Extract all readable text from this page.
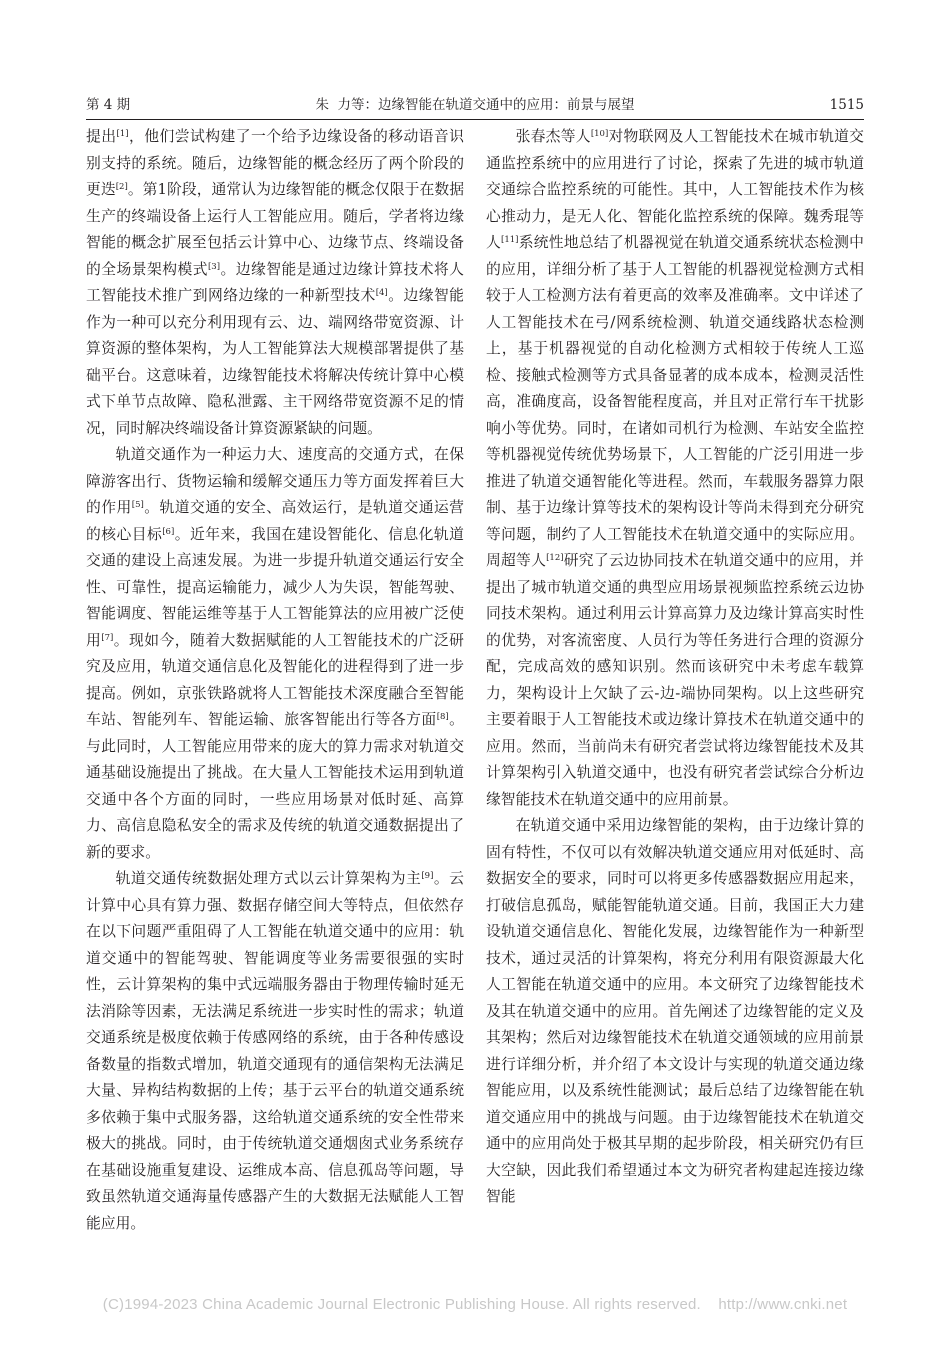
第 4 期	朱  力等：边缘智能在轨道交通中的应用：前景与展望	1515

提出[1]，他们尝试构建了一个给予边缘设备的移动语音识别支持的系统。随后，边缘智能的概念经历了两个阶段的更迭[2]。第1阶段，通常认为边缘智能的概念仅限于在数据生产的终端设备上运行人工智能应用。随后，学者将边缘智能的概念扩展至包括云计算中心、边缘节点、终端设备的全场景架构模式[3]。边缘智能是通过边缘计算技术将人工智能技术推广到网络边缘的一种新型技术[4]。边缘智能作为一种可以充分利用现有云、边、端网络带宽资源、计算资源的整体架构，为人工智能算法大规模部署提供了基础平台。这意味着，边缘智能技术将解决传统计算中心模式下单节点故障、隐私泄露、主干网络带宽资源不足的情况，同时解决终端设备计算资源紧缺的问题。

轨道交通作为一种运力大、速度高的交通方式，在保障游客出行、货物运输和缓解交通压力等方面发挥着巨大的作用[5]。轨道交通的安全、高效运行，是轨道交通运营的核心目标[6]。近年来，我国在建设智能化、信息化轨道交通的建设上高速发展。为进一步提升轨道交通运行安全性、可靠性，提高运输能力，减少人为失误，智能驾驶、智能调度、智能运维等基于人工智能算法的应用被广泛使用[7]。现如今，随着大数据赋能的人工智能技术的广泛研究及应用，轨道交通信息化及智能化的进程得到了进一步提高。例如，京张铁路就将人工智能技术深度融合至智能车站、智能列车、智能运输、旅客智能出行等各方面[8]。与此同时，人工智能应用带来的庞大的算力需求对轨道交通基础设施提出了挑战。在大量人工智能技术运用到轨道交通中各个方面的同时，一些应用场景对低时延、高算力、高信息隐私安全的需求及传统的轨道交通数据提出了新的要求。

轨道交通传统数据处理方式以云计算架构为主[9]。云计算中心具有算力强、数据存储空间大等特点，但依然存在以下问题严重阻碍了人工智能在轨道交通中的应用：轨道交通中的智能驾驶、智能调度等业务需要很强的实时性，云计算架构的集中式远端服务器由于物理传输时延无法消除等因素，无法满足系统进一步实时性的需求；轨道交通系统是极度依赖于传感网络的系统，由于各种传感设备数量的指数式增加，轨道交通现有的通信架构无法满足大量、异构结构数据的上传；基于云平台的轨道交通系统多依赖于集中式服务器，这给轨道交通系统的安全性带来极大的挑战。同时，由于传统轨道交通烟囱式业务系统存在基础设施重复建设、运维成本高、信息孤岛等问题，导致虽然轨道交通海量传感器产生的大数据无法赋能人工智能应用。

张春杰等人[10]对物联网及人工智能技术在城市轨道交通监控系统中的应用进行了讨论，探索了先进的城市轨道交通综合监控系统的可能性。其中，人工智能技术作为核心推动力，是无人化、智能化监控系统的保障。魏秀琨等人[11]系统性地总结了机器视觉在轨道交通系统状态检测中的应用，详细分析了基于人工智能的机器视觉检测方式相较于人工检测方法有着更高的效率及准确率。文中详述了人工智能技术在弓/网系统检测、轨道交通线路状态检测上，基于机器视觉的自动化检测方式相较于传统人工巡检、接触式检测等方式具备显著的成本成本，检测灵活性高，准确度高，设备智能程度高，并且对正常行车干扰影响小等优势。同时，在诸如司机行为检测、车站安全监控等机器视觉传统优势场景下，人工智能的广泛引用进一步推进了轨道交通智能化等进程。然而，车载服务器算力限制、基于边缘计算等技术的架构设计等尚未得到充分研究等问题，制约了人工智能技术在轨道交通中的实际应用。周超等人[12]研究了云边协同技术在轨道交通中的应用，并提出了城市轨道交通的典型应用场景视频监控系统云边协同技术架构。通过利用云计算高算力及边缘计算高实时性的优势，对客流密度、人员行为等任务进行合理的资源分配，完成高效的感知识别。然而该研究中未考虑车载算力，架构设计上欠缺了云-边-端协同架构。以上这些研究主要着眼于人工智能技术或边缘计算技术在轨道交通中的应用。然而，当前尚未有研究者尝试将边缘智能技术及其计算架构引入轨道交通中，也没有研究者尝试综合分析边缘智能技术在轨道交通中的应用前景。

在轨道交通中采用边缘智能的架构，由于边缘计算的固有特性，不仅可以有效解决轨道交通应用对低延时、高数据安全的要求，同时可以将更多传感器数据应用起来，打破信息孤岛，赋能智能轨道交通。目前，我国正大力建设轨道交通信息化、智能化发展，边缘智能作为一种新型技术，通过灵活的计算架构，将充分利用有限资源最大化人工智能在轨道交通中的应用。本文研究了边缘智能技术及其在轨道交通中的应用。首先阐述了边缘智能的定义及其架构；然后对边缘智能技术在轨道交通领域的应用前景进行详细分析，并介绍了本文设计与实现的轨道交通边缘智能应用，以及系统性能测试；最后总结了边缘智能在轨道交通应用中的挑战与问题。由于边缘智能技术在轨道交通中的应用尚处于极其早期的起步阶段，相关研究仍有巨大空缺，因此我们希望通过本文为研究者构建起连接边缘智能

(C)1994-2023 China Academic Journal Electronic Publishing House. All rights reserved.    http://www.cnki.net
